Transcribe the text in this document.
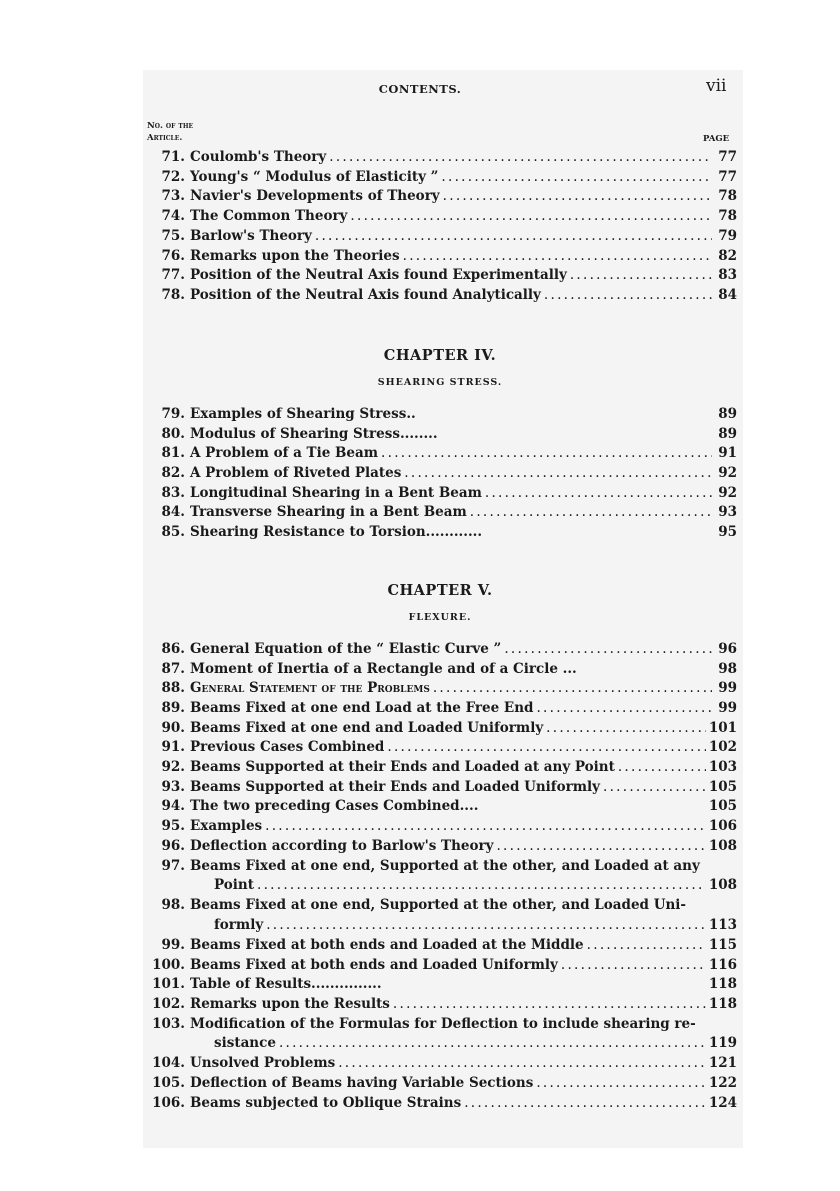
CONTENTS.	vii
No. of the
Article.	PAGE
71. Coulomb's Theory . . .	77
72. Young's “ Modulus of Elasticity ” . . .	77
73. Navier's Developments of Theory . . .	78
74. The Common Theory . . .	78
75. Barlow's Theory . . .	79
76. Remarks upon the Theories . . .	82
77. Position of the Neutral Axis found Experimentally . . .	83
78. Position of the Neutral Axis found Analytically . . .	84
CHAPTER IV.
SHEARING STRESS.
79. Examples of Shearing Stress..	89
80. Modulus of Shearing Stress........	89
81. A Problem of a Tie Beam . . .	91
82. A Problem of Riveted Plates . . .	92
83. Longitudinal Shearing in a Bent Beam . . .	92
84. Transverse Shearing in a Bent Beam . . .	93
85. Shearing Resistance to Torsion............	95
CHAPTER V.
FLEXURE.
86. General Equation of the “ Elastic Curve ” . . .	96
87. Moment of Inertia of a Rectangle and of a Circle ...	98
88. General Statement of the Problems . . .	99
89. Beams Fixed at one end Load at the Free End . . .	99
90. Beams Fixed at one end and Loaded Uniformly . . .	101
91. Previous Cases Combined . . .	102
92. Beams Supported at their Ends and Loaded at any Point . . .	103
93. Beams Supported at their Ends and Loaded Uniformly . . .	105
94. The two preceding Cases Combined....	105
95. Examples . . .	106
96. Deflection according to Barlow's Theory . . .	108
97. Beams Fixed at one end, Supported at the other, and Loaded at any
Point . . .	108
98. Beams Fixed at one end, Supported at the other, and Loaded Uni-
formly . . .	113
99. Beams Fixed at both ends and Loaded at the Middle . . .	115
100. Beams Fixed at both ends and Loaded Uniformly . . .	116
101. Table of Results...............	118
102. Remarks upon the Results . . .	118
103. Modification of the Formulas for Deflection to include shearing re-
sistance . . .	119
104. Unsolved Problems . . .	121
105. Deflection of Beams having Variable Sections . . .	122
106. Beams subjected to Oblique Strains . . .	124
